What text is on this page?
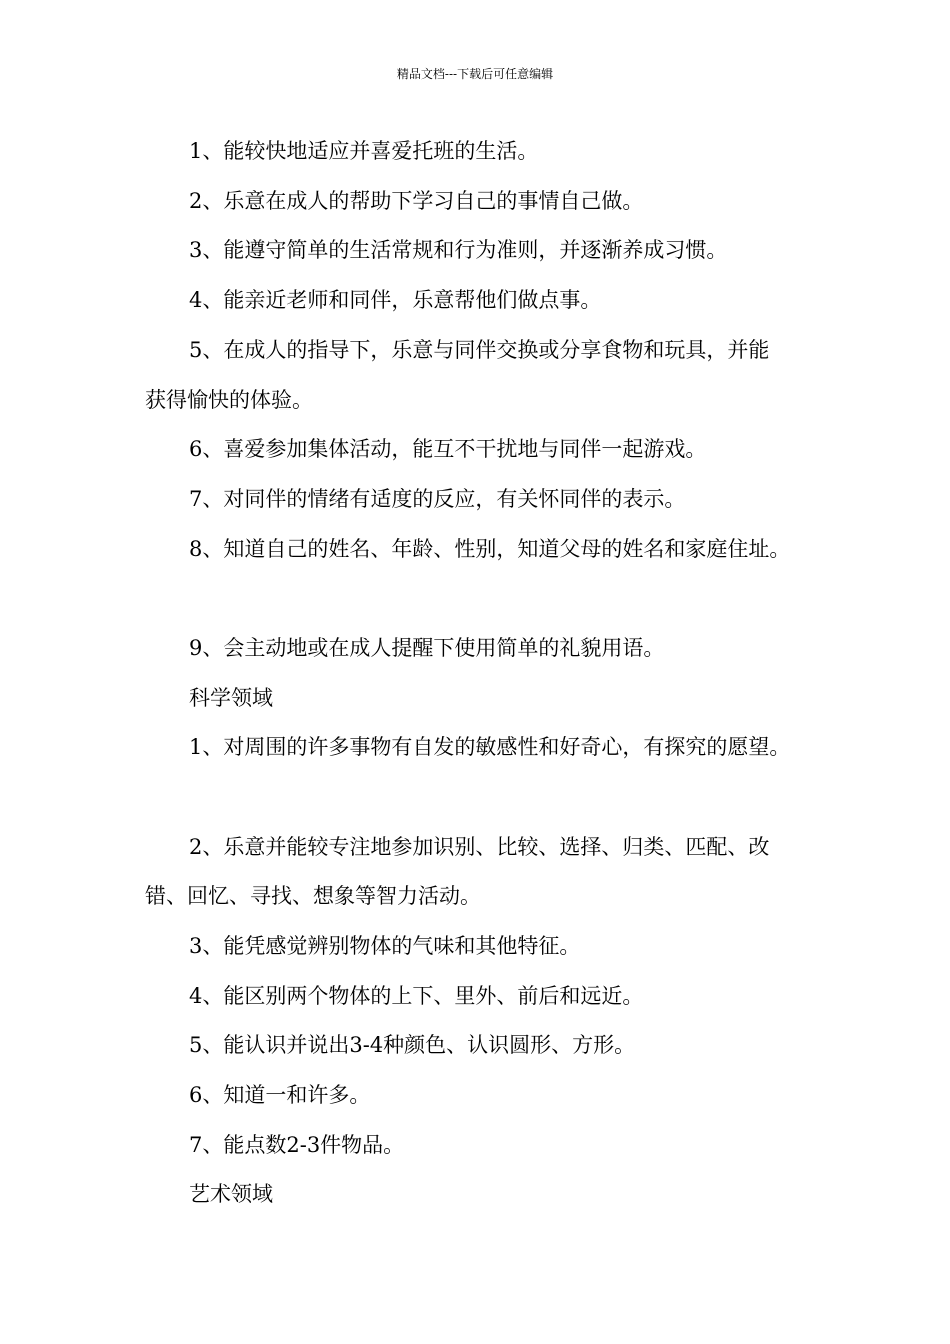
精品文档---下载后可任意编辑
1、能较快地适应并喜爱托班的生活。
2、乐意在成人的帮助下学习自己的事情自己做。
3、能遵守简单的生活常规和行为准则，并逐渐养成习惯。
4、能亲近老师和同伴，乐意帮他们做点事。
5、在成人的指导下，乐意与同伴交换或分享食物和玩具，并能
获得愉快的体验。
6、喜爱参加集体活动，能互不干扰地与同伴一起游戏。
7、对同伴的情绪有适度的反应，有关怀同伴的表示。
8、知道自己的姓名、年龄、性别，知道父母的姓名和家庭住址。
9、会主动地或在成人提醒下使用简单的礼貌用语。
科学领域
1、对周围的许多事物有自发的敏感性和好奇心，有探究的愿望。
2、乐意并能较专注地参加识别、比较、选择、归类、匹配、改
错、回忆、寻找、想象等智力活动。
3、能凭感觉辨别物体的气味和其他特征。
4、能区别两个物体的上下、里外、前后和远近。
5、能认识并说出3-4种颜色、认识圆形、方形。
6、知道一和许多。
7、能点数2-3件物品。
艺术领域
